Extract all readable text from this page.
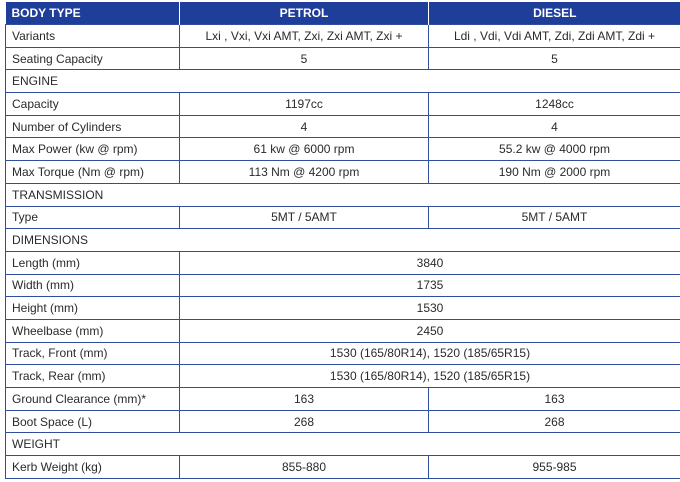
BODY TYPE	PETROL	DIESEL
Variants	Lxi , Vxi, Vxi AMT, Zxi, Zxi AMT, Zxi +	Ldi , Vdi, Vdi AMT, Zdi, Zdi AMT, Zdi +
Seating Capacity	5	5
ENGINE		
Capacity	1197cc	1248cc
Number of Cylinders	4	4
Max Power (kw @ rpm)	61 kw @ 6000 rpm	55.2 kw @ 4000 rpm
Max Torque (Nm @ rpm)	113 Nm @ 4200 rpm	190 Nm @ 2000 rpm
TRANSMISSION		
Type	5MT / 5AMT	5MT / 5AMT
DIMENSIONS		
Length (mm)	3840	
Width (mm)	1735	
Height (mm)	1530	
Wheelbase (mm)	2450	
Track, Front (mm)	1530 (165/80R14), 1520 (185/65R15)	
Track, Rear (mm)	1530 (165/80R14), 1520 (185/65R15)	
Ground Clearance (mm)*	163	163
Boot Space (L)	268	268
WEIGHT		
Kerb Weight (kg)	855-880	955-985
